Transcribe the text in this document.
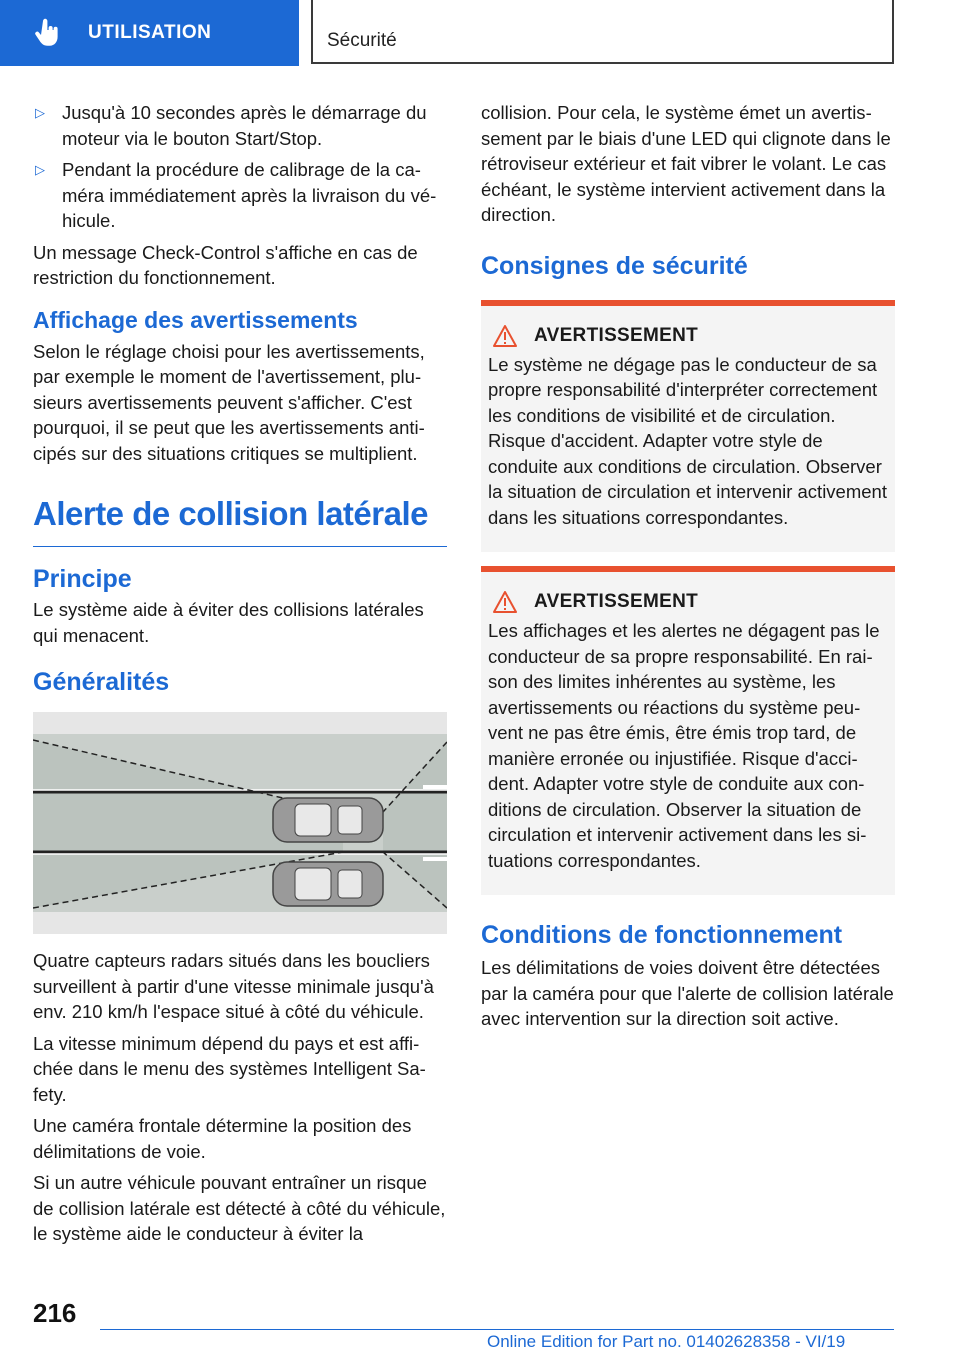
UTILISATION	Sécurité
▷ Jusqu'à 10 secondes après le démarrage du moteur via le bouton Start/Stop.
▷ Pendant la procédure de calibrage de la caméra immédiatement après la livraison du véhicule.

Un message Check-Control s'affiche en cas de restriction du fonctionnement.

Affichage des avertissements

Selon le réglage choisi pour les avertissements, par exemple le moment de l'avertissement, plusieurs avertissements peuvent s'afficher. C'est pourquoi, il se peut que les avertissements anticipés sur des situations critiques se multiplient.

Alerte de collision latérale
Principe

Le système aide à éviter des collisions latérales qui menacent.

Généralités

Quatre capteurs radars situés dans les boucliers surveillent à partir d'une vitesse minimale jusqu'à env. 210 km/h l'espace situé à côté du véhicule.

La vitesse minimum dépend du pays et est affichée dans le menu des systèmes Intelligent Safety.

Une caméra frontale détermine la position des délimitations de voie.

Si un autre véhicule pouvant entraîner un risque de collision latérale est détecté à côté du véhicule, le système aide le conducteur à éviter la

collision. Pour cela, le système émet un avertissement par le biais d'une LED qui clignote dans le rétroviseur extérieur et fait vibrer le volant. Le cas échéant, le système intervient activement dans la direction.

Consignes de sécurité
AVERTISSEMENT

Le système ne dégage pas le conducteur de sa propre responsabilité d'interpréter correctement les conditions de visibilité et de circulation. Risque d'accident. Adapter votre style de conduite aux conditions de circulation. Observer la situation de circulation et intervenir activement dans les situations correspondantes.

AVERTISSEMENT

Les affichages et les alertes ne dégagent pas le conducteur de sa propre responsabilité. En raison des limites inhérentes au système, les avertissements ou réactions du système peuvent ne pas être émis, être émis trop tard, de manière erronée ou injustifiée. Risque d'accident. Adapter votre style de conduite aux conditions de circulation. Observer la situation de circulation et intervenir activement dans les situations correspondantes.

Conditions de fonctionnement

Les délimitations de voies doivent être détectées par la caméra pour que l'alerte de collision latérale avec intervention sur la direction soit active.

216
Online Edition for Part no. 01402628358 - VI/19
